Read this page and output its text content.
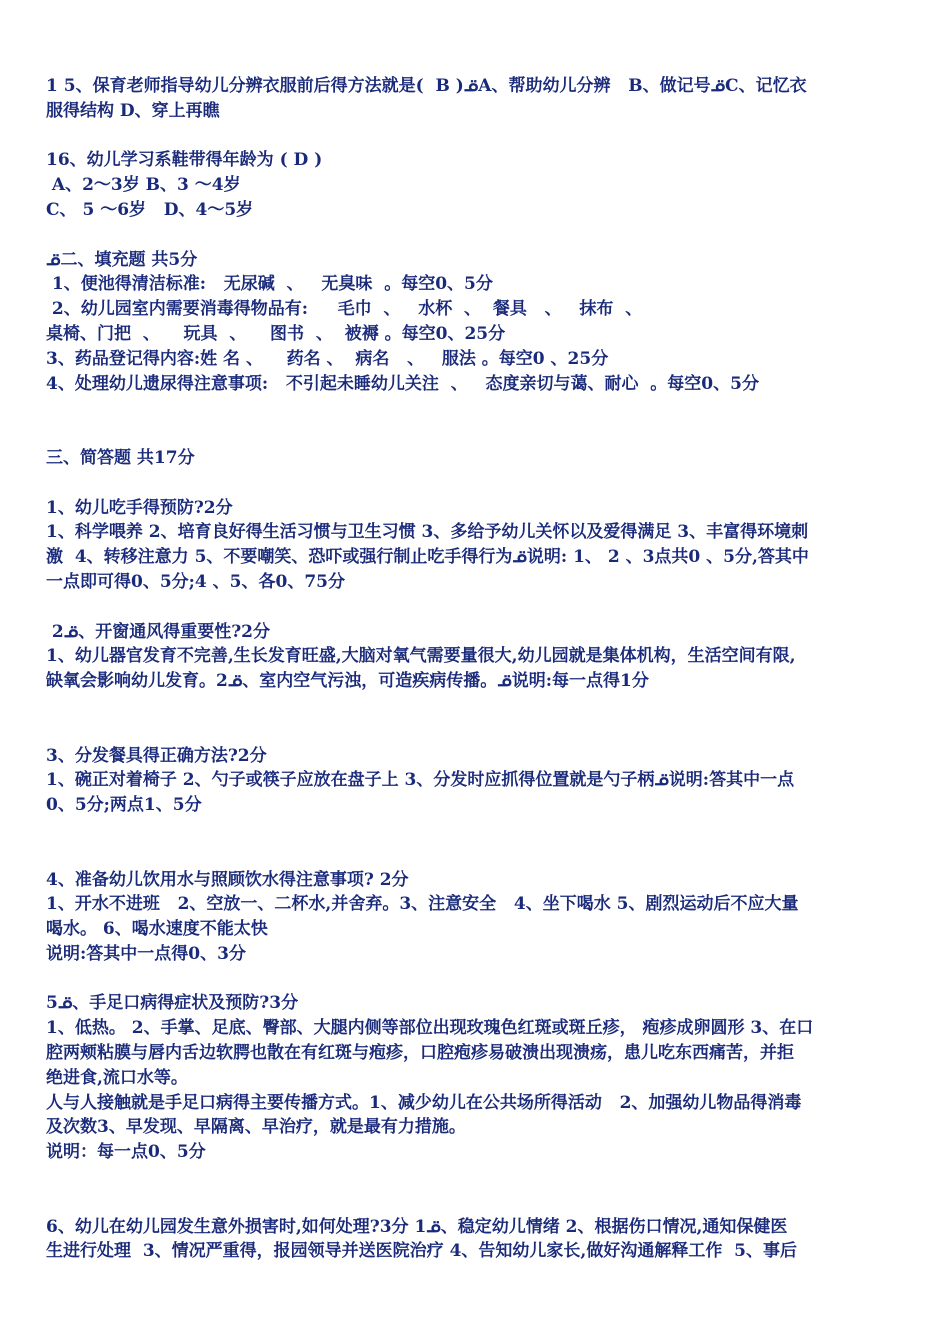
1 5、保育老师指导幼儿分辨衣服前后得方法就是(  B )ᓆA、帮助幼儿分辨   B、做记号ᓆC、记忆衣
服得结构 D、穿上再瞧
16、幼儿学习系鞋带得年龄为 ( D )
A、2～3岁 B、3 ～4岁
C、 5 ～6岁   D、4～5岁
ᓆ二、填充题 共5分
1、便池得清洁标准:   无尿碱  、   无臭味  。每空0、5分
2、幼儿园室内需要消毒得物品有:     毛巾  、   水杯  、  餐具   、   抹布  、
桌椅、门把  、    玩具  、    图书  、  被褥 。每空0、25分
3、药品登记得内容:姓 名 、    药名 、  病名   、   服法 。每空0 、25分
4、处理幼儿遗尿得注意事项:   不引起未睡幼儿关注  、   态度亲切与蔼、耐心  。每空0、5分
三、简答题 共17分
1、幼儿吃手得预防?2分
1、科学喂养 2、培育良好得生活习惯与卫生习惯 3、多给予幼儿关怀以及爱得满足 3、丰富得环境刺
激  4、转移注意力 5、不要嘲笑、恐吓或强行制止吃手得行为ᓆ说明: 1、 2 、3点共0 、5分,答其中
一点即可得0、5分;4 、5、各0、75分
2ᓆ、开窗通风得重要性?2分
1、幼儿器官发育不完善,生长发育旺盛,大脑对氧气需要量很大,幼儿园就是集体机构，生活空间有限,
缺氧会影响幼儿发育。2ᓆ、室内空气污浊，可造疾病传播。ᓆ说明:每一点得1分
3、分发餐具得正确方法?2分
1、碗正对着椅子 2、勺子或筷子应放在盘子上 3、分发时应抓得位置就是勺子柄ᓆ说明:答其中一点
0、5分;两点1、5分
4、准备幼儿饮用水与照顾饮水得注意事项? 2分
1、开水不进班   2、空放一、二杯水,并舍弃。3、注意安全   4、坐下喝水 5、剧烈运动后不应大量
喝水。 6、喝水速度不能太快
说明:答其中一点得0、3分
5ᓆ、手足口病得症状及预防?3分
1、低热。 2、手掌、足底、臀部、大腿内侧等部位出现玫瑰色红斑或斑丘疹， 疱疹成卵圆形 3、在口
腔两颊粘膜与唇内舌边软腭也散在有红斑与疱疹，口腔疱疹易破溃出现溃疡，患儿吃东西痛苦，并拒
绝进食,流口水等。
人与人接触就是手足口病得主要传播方式。1、减少幼儿在公共场所得活动   2、加强幼儿物品得消毒
及次数3、早发现、早隔离、早治疗，就是最有力措施。
说明：每一点0、5分
6、幼儿在幼儿园发生意外损害时,如何处理?3分 1ᓆ、稳定幼儿情绪 2、根据伤口情况,通知保健医
生进行处理  3、情况严重得，报园领导并送医院治疗 4、告知幼儿家长,做好沟通解释工作  5、事后
